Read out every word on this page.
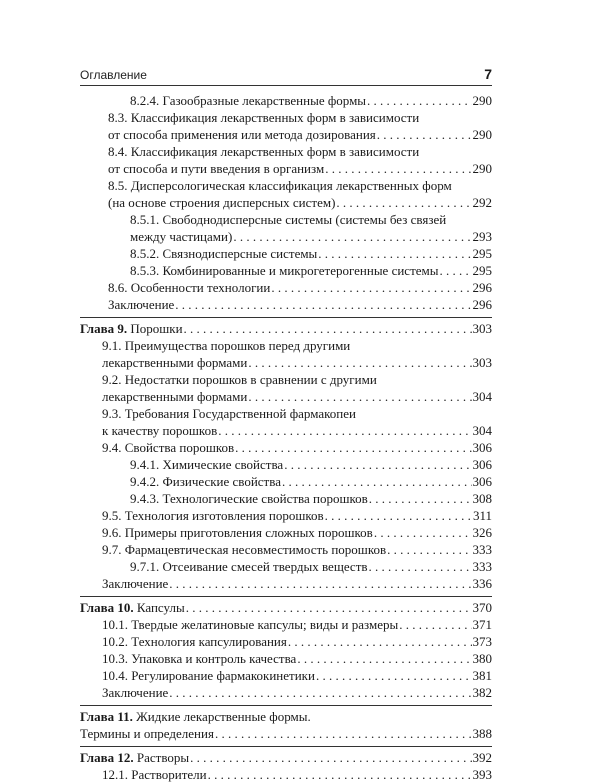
Оглавление	7
8.2.4. Газообразные лекарственные формы . . .	290
8.3. Классификация лекарственных форм в зависимости
от способа применения или метода дозирования . . .	290
8.4. Классификация лекарственных форм в зависимости
от способа и пути введения в организм . . .	290
8.5. Дисперсологическая классификация лекарственных форм
(на основе строения дисперсных систем) . . .	292
8.5.1. Свободнодисперсные системы (системы без связей
между частицами) . . .	293
8.5.2. Связнодисперсные системы . . .	295
8.5.3. Комбинированные и микрогетерогенные системы . . .	295
8.6. Особенности технологии . . .	296
Заключение . . .	296
Глава 9. Порошки . . .	303
9.1. Преимущества порошков перед другими
лекарственными формами . . .	303
9.2. Недостатки порошков в сравнении с другими
лекарственными формами . . .	304
9.3. Требования Государственной фармакопеи
к качеству порошков . . .	304
9.4. Свойства порошков . . .	306
9.4.1. Химические свойства . . .	306
9.4.2. Физические свойства . . .	306
9.4.3. Технологические свойства порошков . . .	308
9.5. Технология изготовления порошков . . .	311
9.6. Примеры приготовления сложных порошков . . .	326
9.7. Фармацевтическая несовместимость порошков . . .	333
9.7.1. Отсеивание смесей твердых веществ . . .	333
Заключение . . .	336
Глава 10. Капсулы . . .	370
10.1. Твердые желатиновые капсулы; виды и размеры . . .	371
10.2. Технология капсулирования . . .	373
10.3. Упаковка и контроль качества . . .	380
10.4. Регулирование фармакокинетики . . .	381
Заключение . . .	382
Глава 11. Жидкие лекарственные формы.
Термины и определения . . .	388
Глава 12. Растворы . . .	392
12.1. Растворители . . .	393
